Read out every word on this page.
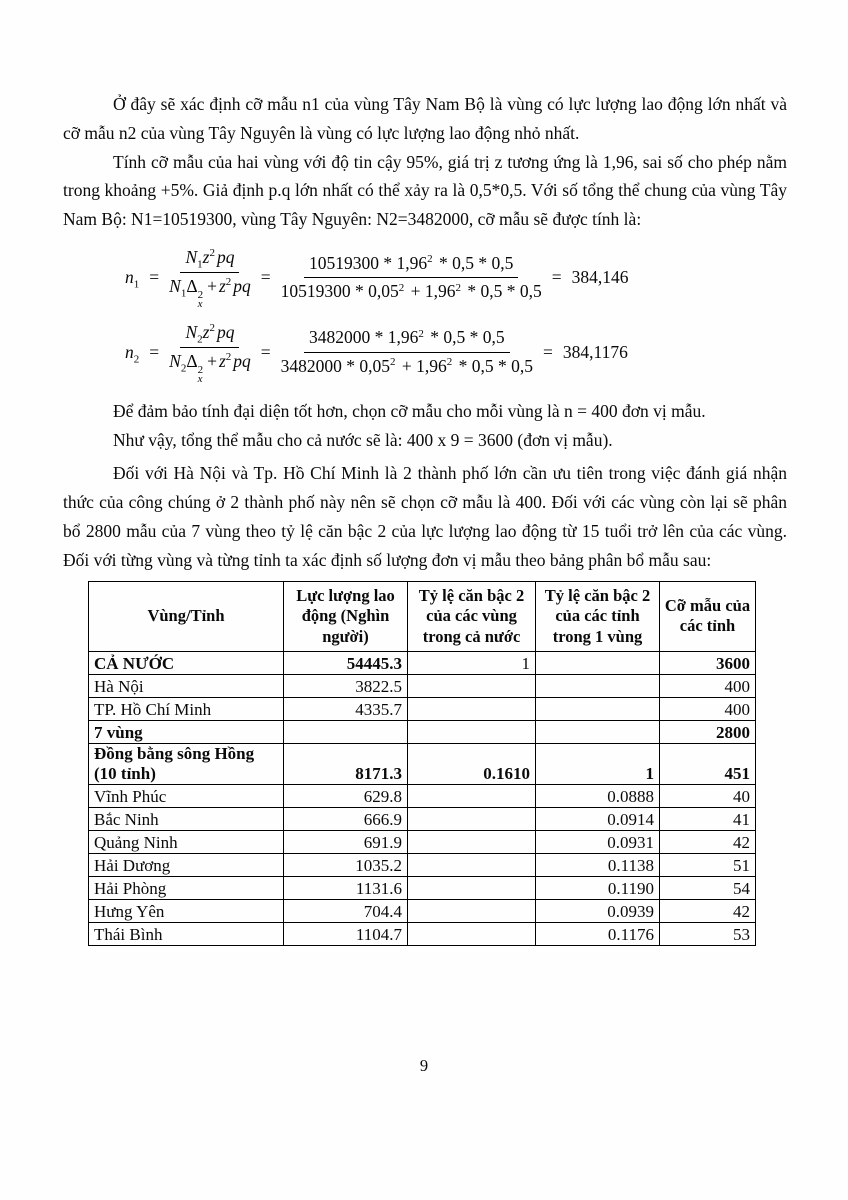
Ở đây sẽ xác định cỡ mẫu n1 của vùng Tây Nam Bộ là vùng có lực lượng lao động lớn nhất và cỡ mẫu n2 của vùng Tây Nguyên là vùng có lực lượng lao động nhỏ nhất.

Tính cỡ mẫu của hai vùng với độ tin cậy 95%, giá trị z tương ứng là 1,96, sai số cho phép nằm trong khoảng +5%. Giả định p.q lớn nhất có thể xảy ra là 0,5*0,5. Với số tổng thể chung của vùng Tây Nam Bộ: N1=10519300, vùng Tây Nguyên: N2=3482000, cỡ mẫu sẽ được tính là:

$n_1 = N_1z^2$ pq
$N_1\Delta$ 2
x
+ $z^2$ pq = $\frac{10519300 * 1,96^2 * 0,5 * 0,5}{10519300 * 0,05^2 + 1,96^2 * 0,5 * 0,5} = 384,146$
$n_2 = N_2z^2$ pq
$N_2\Delta$ 2
x
+ $z^2$ pq = $\frac{3482000 * 1,96^2 * 0,5 * 0,5}{3482000 * 0,05^2 + 1,96^2 * 0,5 * 0,5} = 384,1176$

Để đảm bảo tính đại diện tốt hơn, chọn cỡ mẫu cho mỗi vùng là n = 400 đơn vị mẫu.

Như vậy, tổng thể mẫu cho cả nước sẽ là: 400 x 9 = 3600 (đơn vị mẫu).

Đối với Hà Nội và Tp. Hồ Chí Minh là 2 thành phố lớn cần ưu tiên trong việc đánh giá nhận thức của công chúng ở 2 thành phố này nên sẽ chọn cỡ mẫu là 400. Đối với các vùng còn lại sẽ phân bổ 2800 mẫu của 7 vùng theo tỷ lệ căn bậc 2 của lực lượng lao động từ 15 tuổi trở lên của các vùng. Đối với từng vùng và từng tỉnh ta xác định số lượng đơn vị mẫu theo bảng phân bổ mẫu sau:

Vùng/Tỉnh	Lực lượng lao động (Nghìn người)	Tỷ lệ căn bậc 2 của các vùng trong cả nước	Tỷ lệ căn bậc 2 của các tỉnh trong 1 vùng	Cỡ mẫu của các tỉnh
CẢ NƯỚC	54445.3	1		3600
Hà Nội	3822.5			400
TP. Hồ Chí Minh	4335.7			400
7 vùng				2800
Đồng bằng sông Hồng (10 tỉnh)	8171.3	0.1610	1	451
Vĩnh Phúc	629.8		0.0888	40
Bắc Ninh	666.9		0.0914	41
Quảng Ninh	691.9		0.0931	42
Hải Dương	1035.2		0.1138	51
Hải Phòng	1131.6		0.1190	54
Hưng Yên	704.4		0.0939	42
Thái Bình	1104.7		0.1176	53
9
